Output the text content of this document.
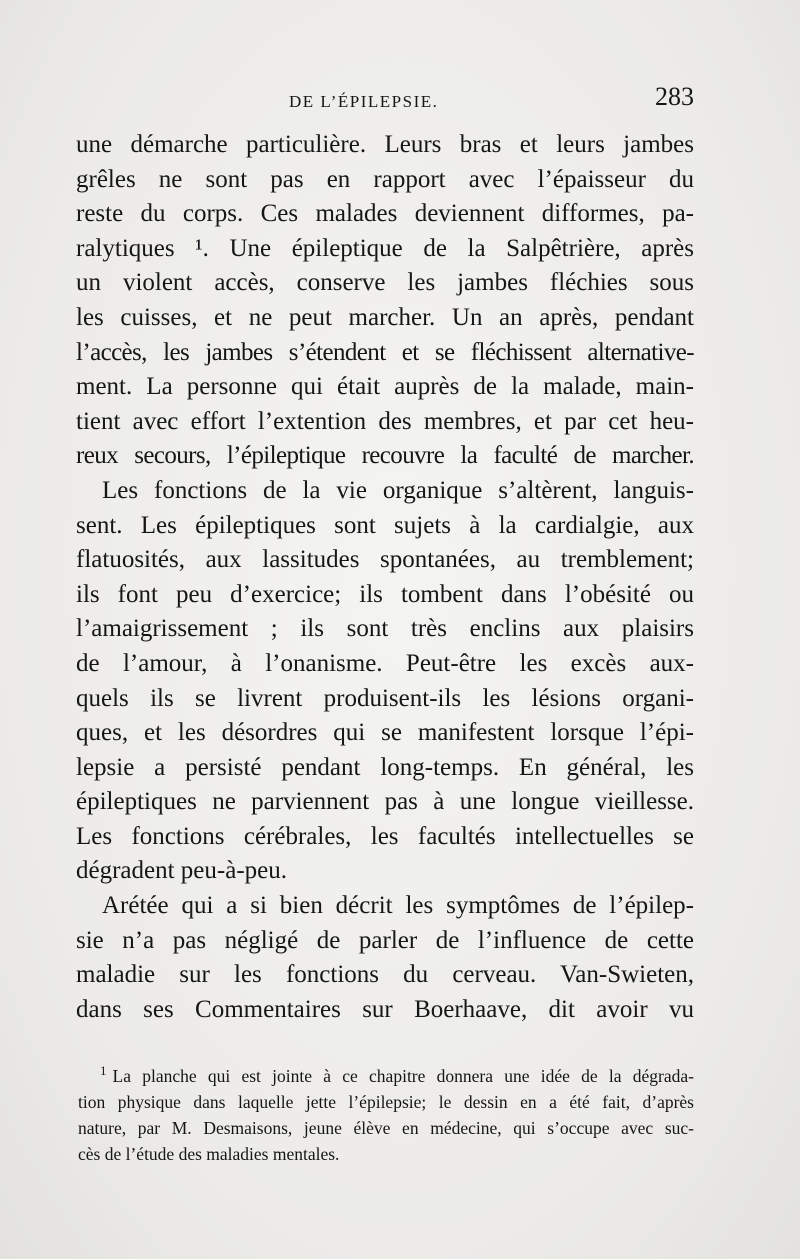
DE L’ÉPILEPSIE.	283

une démarche particulière. Leurs bras et leurs jambes
grêles ne sont pas en rapport avec l’épaisseur du
reste du corps. Ces malades deviennent difformes, pa-
ralytiques ¹. Une épileptique de la Salpêtrière, après
un violent accès, conserve les jambes fléchies sous
les cuisses, et ne peut marcher. Un an après, pendant
l’accès, les jambes s’étendent et se fléchissent alternative-
ment. La personne qui était auprès de la malade, main-
tient avec effort l’extention des membres, et par cet heu-
reux secours, l’épileptique recouvre la faculté de marcher.

Les fonctions de la vie organique s’altèrent, languis-
sent. Les épileptiques sont sujets à la cardialgie, aux
flatuosités, aux lassitudes spontanées, au tremblement;
ils font peu d’exercice; ils tombent dans l’obésité ou
l’amaigrissement ; ils sont très enclins aux plaisirs
de l’amour, à l’onanisme. Peut-être les excès aux-
quels ils se livrent produisent-ils les lésions organi-
ques, et les désordres qui se manifestent lorsque l’épi-
lepsie a persisté pendant long-temps. En général, les
épileptiques ne parviennent pas à une longue vieillesse.
Les fonctions cérébrales, les facultés intellectuelles se
dégradent peu-à-peu.

Arétée qui a si bien décrit les symptômes de l’épilep-
sie n’a pas négligé de parler de l’influence de cette
maladie sur les fonctions du cerveau. Van-Swieten,
dans ses Commentaires sur Boerhaave, dit avoir vu

$^1$ La planche qui est jointe à ce chapitre donnera une idée de la dégrada-
tion physique dans laquelle jette l’épilepsie; le dessin en a été fait, d’après
nature, par M. Desmaisons, jeune élève en médecine, qui s’occupe avec suc-
cès de l’étude des maladies mentales.
